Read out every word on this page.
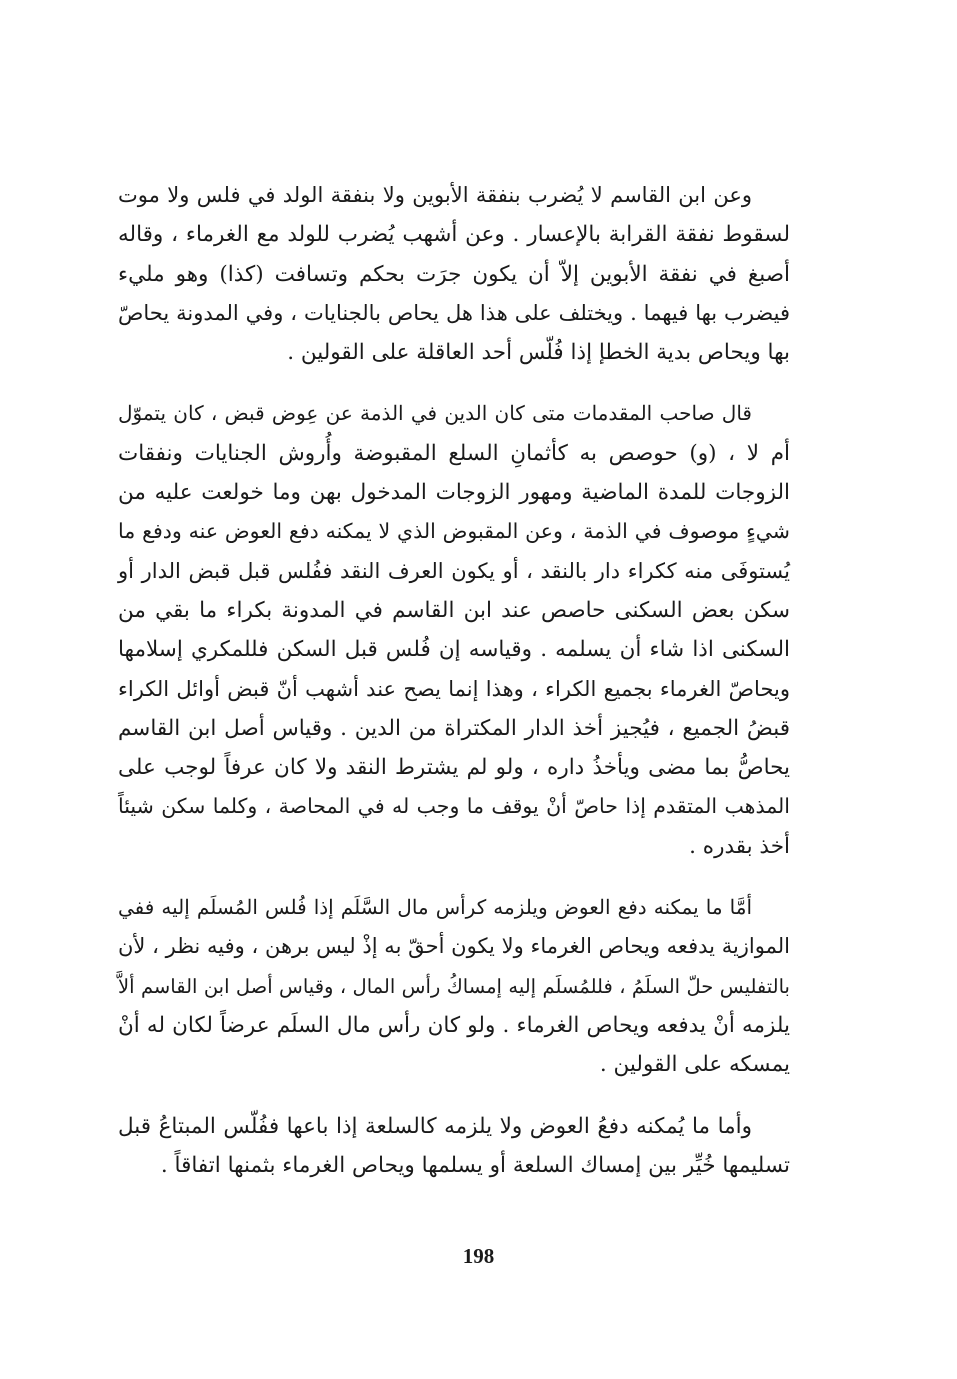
وعن ابن القاسم لا يُضرب بنفقة الأبوين ولا بنفقة الولد في فلس ولا موت
لسقوط نفقة القرابة بالإعسار . وعن أشهب يُضرب للولد مع الغرماء ، وقاله
أصبغ في نفقة الأبوين إلاّ أن يكون جرَت بحكم وتسافت (كذا) وهو مليء
فيضرب بها فيهما . ويختلف على هذا هل يحاص بالجنايات ، وفي المدونة يحاصّ
بها ويحاص بدية الخطإ إذا فُلّس أحد العاقلة على القولين .

قال صاحب المقدمات متى كان الدين في الذمة عن عِوض قبض ، كان يتموّل
أم لا ، (و) حوصص به كأثمانِ السلع المقبوضة وأُروش الجنايات ونفقات
الزوجات للمدة الماضية ومهور الزوجات المدخول بهن وما خولعت عليه من
شيءٍ موصوف في الذمة ، وعن المقبوض الذي لا يمكنه دفع العوض عنه ودفع ما
يُستوفَى منه ككراء دار بالنقد ، أو يكون العرف النقد ففُلس قبل قبض الدار أو
سكن بعض السكنى حاصص عند ابن القاسم في المدونة بكراء ما بقي من
السكنى اذا شاء أن يسلمه . وقياسه إن فُلس قبل السكن فللمكري إسلامها
ويحاصّ الغرماء بجميع الكراء ، وهذا إنما يصح عند أشهب أنّ قبض أوائل الكراء
قبضُ الجميع ، فيُجيز أخذ الدار المكتراة من الدين . وقياس أصل ابن القاسم
يحاصُّ بما مضى ويأخذُ داره ، ولو لم يشترط النقد ولا كان عرفاً لوجب على
المذهب المتقدم إذا حاصّ أنْ يوقف ما وجب له في المحاصة ، وكلما سكن شيئاً
أخذ بقدره .

أمَّا ما يمكنه دفع العوض ويلزمه كرأس مال السَّلَم إذا فُلس المُسلَم إليه ففي
الموازية يدفعه ويحاص الغرماء ولا يكون أحقّ به إذْ ليس برهن ، وفيه نظر ، لأن
بالتفليس حلّ السلَمُ ، فللمُسلَم إليه إمساكُ رأس المال ، وقياس أصل ابن القاسم ألاَّ
يلزمه أنْ يدفعه ويحاص الغرماء . ولو كان رأس مال السلَم عرضاً لكان له أنْ
يمسكه على القولين .

وأما ما يُمكنه دفعُ العوض ولا يلزمه كالسلعة إذا باعها ففُلّس المبتاعُ قبل
تسليمها خُيِّر بين إمساك السلعة أو يسلمها ويحاص الغرماء بثمنها اتفاقاً .

198
